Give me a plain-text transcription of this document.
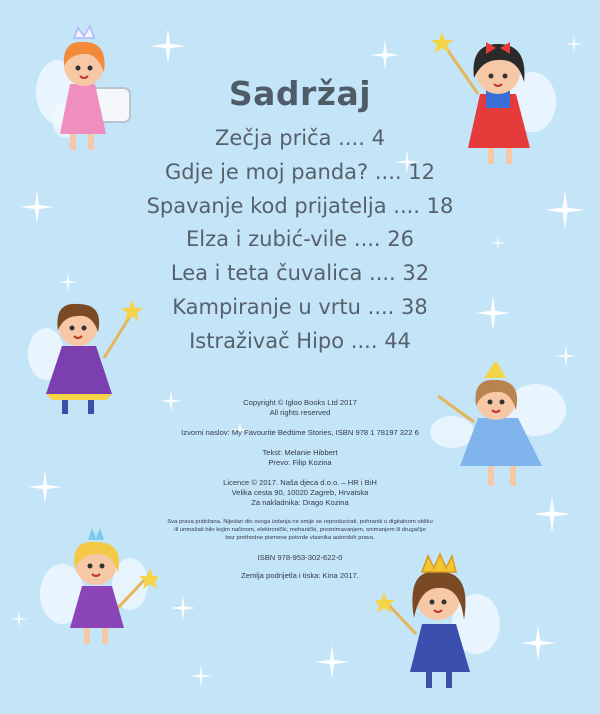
Sadržaj
Zečja priča .... 4
Gdje je moj panda? .... 12
Spavanje kod prijatelja .... 18
Elza i zubić-vile .... 26
Lea i teta čuvalica .... 32
Kampiranje u vrtu .... 38
Istraživač Hipo .... 44
Copyright © Igloo Books Ltd 2017
All rights reserved
Izvorni naslov: My Favourite Bedtime Stories, ISBN 978 1 78197 322 6
Tekst: Melanie Hibbert
Prevo: Filip Kozina
Licence © 2017. Naša djeca d.o.o. – HR i BiH
Velika cesta 90, 10020 Zagreb, Hrvatska
Za nakladnika: Drago Kozina
Sva prava pridržana. Nijedan dio ovoga izdanja ne smije se reproducirati, pohraniti u digitalnom obliku
ili umnažati bilo kojim načinom, elektronički, mehanički, presnimavanjem, snimanjem ili drugačije
bez prethodne pismene potvrde vlasnika autorskih prava.
ISBN 978-953-302-622-0
Zemlja podrijetla i tiska: Kina 2017.
